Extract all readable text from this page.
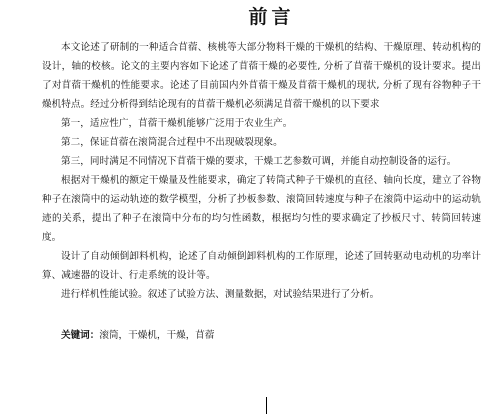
前言

本文论述了研制的一种适合苜蓿、核桃等大部分物料干燥的干燥机的结构、干燥原理、转动机构的设计，轴的校核。论文的主要内容如下论述了苜蓿干燥的必要性, 分析了苜蓿干燥机的设计要求。提出了对苜蓿干燥机的性能要求。论述了目前国内外苜蓿干燥及苜蓿干燥机的现状, 分析了现有谷物种子干燥机特点。经过分析得到结论现有的苜蓿干燥机必须满足苜蓿干燥机的以下要求

第一，适应性广，苜蓿干燥机能够广泛用于农业生产。

第二，保证苜蓿在滚筒混合过程中不出现破裂现象。

第三，同时满足不同情况下苜蓿干燥的要求，干燥工艺参数可调，并能自动控制设备的运行。

根据对干燥机的额定干燥量及性能要求，确定了转筒式种子干燥机的直径、轴向长度，建立了谷物种子在滚筒中的运动轨迹的数学模型，分析了抄板参数、滚筒回转速度与种子在滚筒中运动中的运动轨迹的关系，提出了种子在滚筒中分布的均匀性函数，根据均匀性的要求确定了抄板尺寸、转筒回转速度。

设计了自动倾倒卸料机构，论述了自动倾倒卸料机构的工作原理，论述了回转驱动电动机的功率计算、减速器的设计、行走系统的设计等。

进行样机性能试验。叙述了试验方法、测量数据，对试验结果进行了分析。

关键词：滚筒，干燥机，干燥，苜蓿
